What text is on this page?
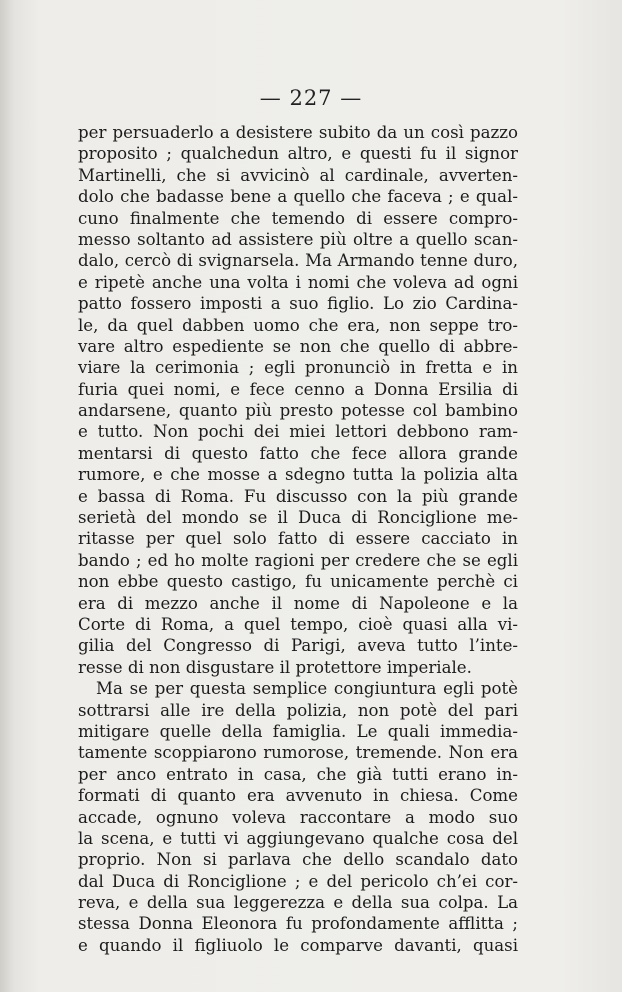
— 227 —
per persuaderlo a desistere subito da un così pazzo
proposito ; qualchedun altro, e questi fu il signor
Martinelli, che si avvicinò al cardinale, avverten-
dolo che badasse bene a quello che faceva ; e qual-
cuno finalmente che temendo di essere compro-
messo soltanto ad assistere più oltre a quello scan-
dalo, cercò di svignarsela. Ma Armando tenne duro,
e ripetè anche una volta i nomi che voleva ad ogni
patto fossero imposti a suo figlio. Lo zio Cardina-
le, da quel dabben uomo che era, non seppe tro-
vare altro espediente se non che quello di abbre-
viare la cerimonia ; egli pronunciò in fretta e in
furia quei nomi, e fece cenno a Donna Ersilia di
andarsene, quanto più presto potesse col bambino
e tutto. Non pochi dei miei lettori debbono ram-
mentarsi di questo fatto che fece allora grande
rumore, e che mosse a sdegno tutta la polizia alta
e bassa di Roma. Fu discusso con la più grande
serietà del mondo se il Duca di Ronciglione me-
ritasse per quel solo fatto di essere cacciato in
bando ; ed ho molte ragioni per credere che se egli
non ebbe questo castigo, fu unicamente perchè ci
era di mezzo anche il nome di Napoleone e la
Corte di Roma, a quel tempo, cioè quasi alla vi-
gilia del Congresso di Parigi, aveva tutto l’inte-
resse di non disgustare il protettore imperiale.
Ma se per questa semplice congiuntura egli potè
sottrarsi alle ire della polizia, non potè del pari
mitigare quelle della famiglia. Le quali immedia-
tamente scoppiarono rumorose, tremende. Non era
per anco entrato in casa, che già tutti erano in-
formati di quanto era avvenuto in chiesa. Come
accade, ognuno voleva raccontare a modo suo
la scena, e tutti vi aggiungevano qualche cosa del
proprio. Non si parlava che dello scandalo dato
dal Duca di Ronciglione ; e del pericolo ch’ei cor-
reva, e della sua leggerezza e della sua colpa. La
stessa Donna Eleonora fu profondamente afflitta ;
e quando il figliuolo le comparve davanti, quasi
